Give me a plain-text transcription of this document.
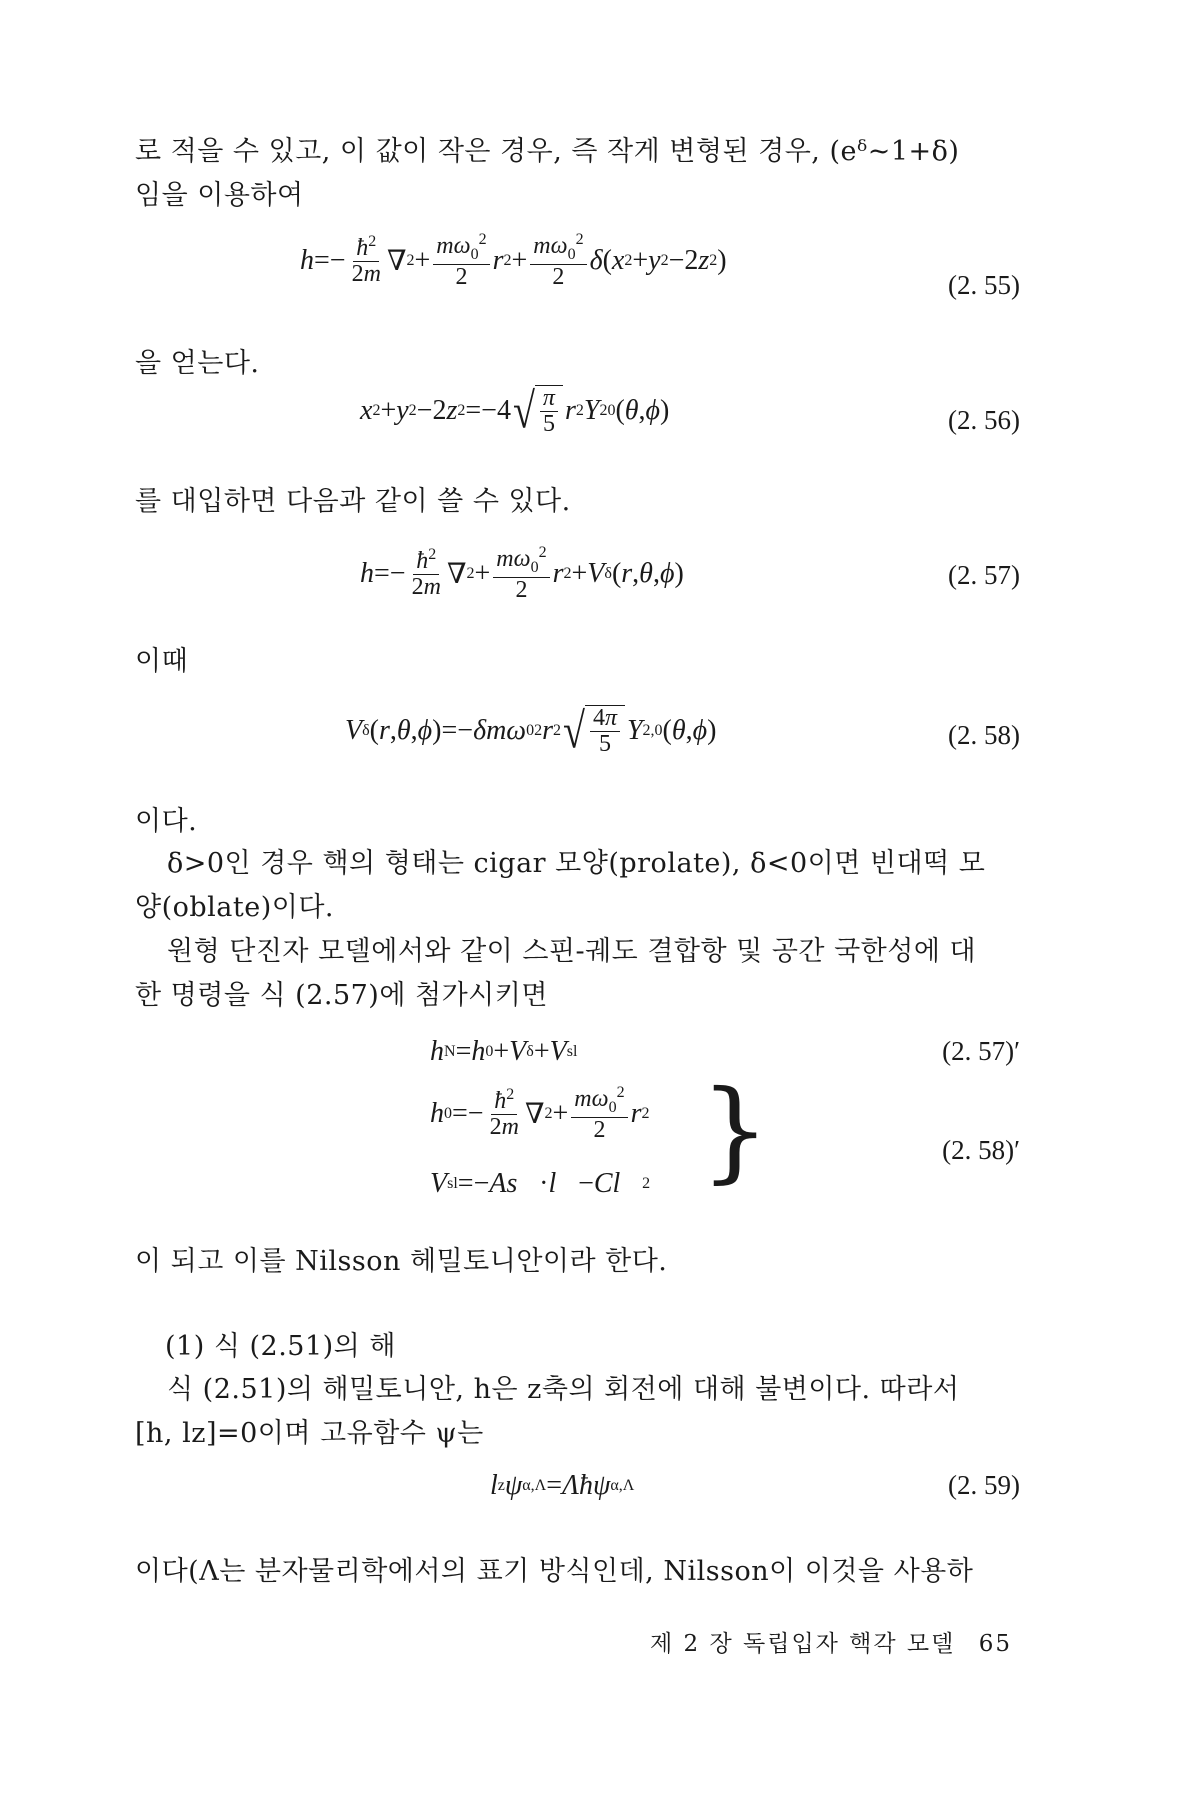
로 적을 수 있고, 이 값이 작은 경우, 즉 작게 변형된 경우, (eᵟ~1+δ)
임을 이용하여
$h =- \frac{ħ^2}{2m}$ ∇ $2 + \frac{m\omega_0^2}{2}$ r $2 + \frac{m\omega_0^2}{2}$ δ ( x 2 + y 2 −2 z 2 )
(2. 55)
을 얻는다.
x 2 + y 2 −2 z 2 =−4 √ $\frac{\pi}{5}$ r 2 Y 20 ( θ , ϕ )	(2. 56)
를 대입하면 다음과 같이 쓸 수 있다.
$h =- \frac{ħ^2}{2m}$ ∇ $2 + \frac{m\omega_0^2}{2}$ r 2 + V δ ( r , θ , ϕ )	(2. 57)
이때
V δ ( r , θ , ϕ )=− δmω 0 2 r 2 √ $\frac{4\pi}{5}$ Y 2,0 ( θ , ϕ )	(2. 58)
이다.
δ>0인 경우 핵의 형태는 cigar 모양(prolate), δ<0이면 빈대떡 모
양(oblate)이다.
원형 단진자 모델에서와 같이 스핀-궤도 결합항 및 공간 국한성에 대
한 명령을 식 (2.57)에 첨가시키면
h N = h 0 + V δ + V sl	(2. 57)′
h $0 =- \frac{ħ^2}{2m}$ ∇ $2 + \frac{m\omega_0^2}{2}$ r 2
V sl =− A s⃗ · l⃗ − Cl⃗ 2 }	(2. 58)′
이 되고 이를 Nilsson 헤밀토니안이라 한다.
(1) 식 (2.51)의 해
식 (2.51)의 해밀토니안, h은 z축의 회전에 대해 불변이다. 따라서
[h, lz]=0이며 고유함수 ψ는
l z ψ α,Λ = Λħψ α,Λ	(2. 59)
이다(Λ는 분자물리학에서의 표기 방식인데, Nilsson이 이것을 사용하
제 2 장 독립입자 핵각 모델 65
